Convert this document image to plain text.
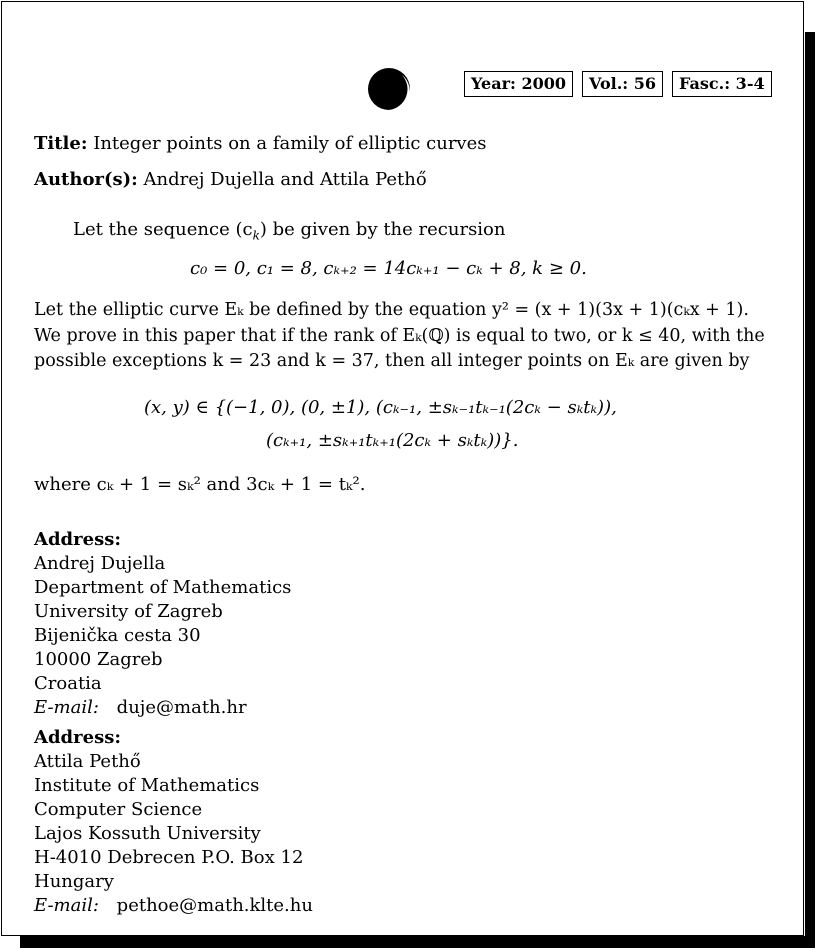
Year: 2000	Vol.: 56	Fasc.: 3-4
Title: Integer points on a family of elliptic curves
Author(s): Andrej Dujella and Attila Pethő
Let the sequence $(c_k)$ be given by the recursion
c₀ = 0, c₁ = 8, cₖ₊₂ = 14cₖ₊₁ − cₖ + 8, k ≥ 0.
Let the elliptic curve Eₖ be defined by the equation y² = (x + 1)(3x + 1)(cₖx + 1).
We prove in this paper that if the rank of Eₖ(ℚ) is equal to two, or k ≤ 40, with the
possible exceptions k = 23 and k = 37, then all integer points on Eₖ are given by
(x, y) ∈ {(−1, 0), (0, ±1), (cₖ₋₁, ±sₖ₋₁tₖ₋₁(2cₖ − sₖtₖ)),
(cₖ₊₁, ±sₖ₊₁tₖ₊₁(2cₖ + sₖtₖ))}.
where cₖ + 1 = sₖ² and 3cₖ + 1 = tₖ².
Address:
Andrej Dujella
Department of Mathematics
University of Zagreb
Bijenička cesta 30
10000 Zagreb
Croatia
E-mail: duje@math.hr
Address:
Attila Pethő
Institute of Mathematics
Computer Science
Lajos Kossuth University
H-4010 Debrecen P.O. Box 12
Hungary
E-mail: pethoe@math.klte.hu
